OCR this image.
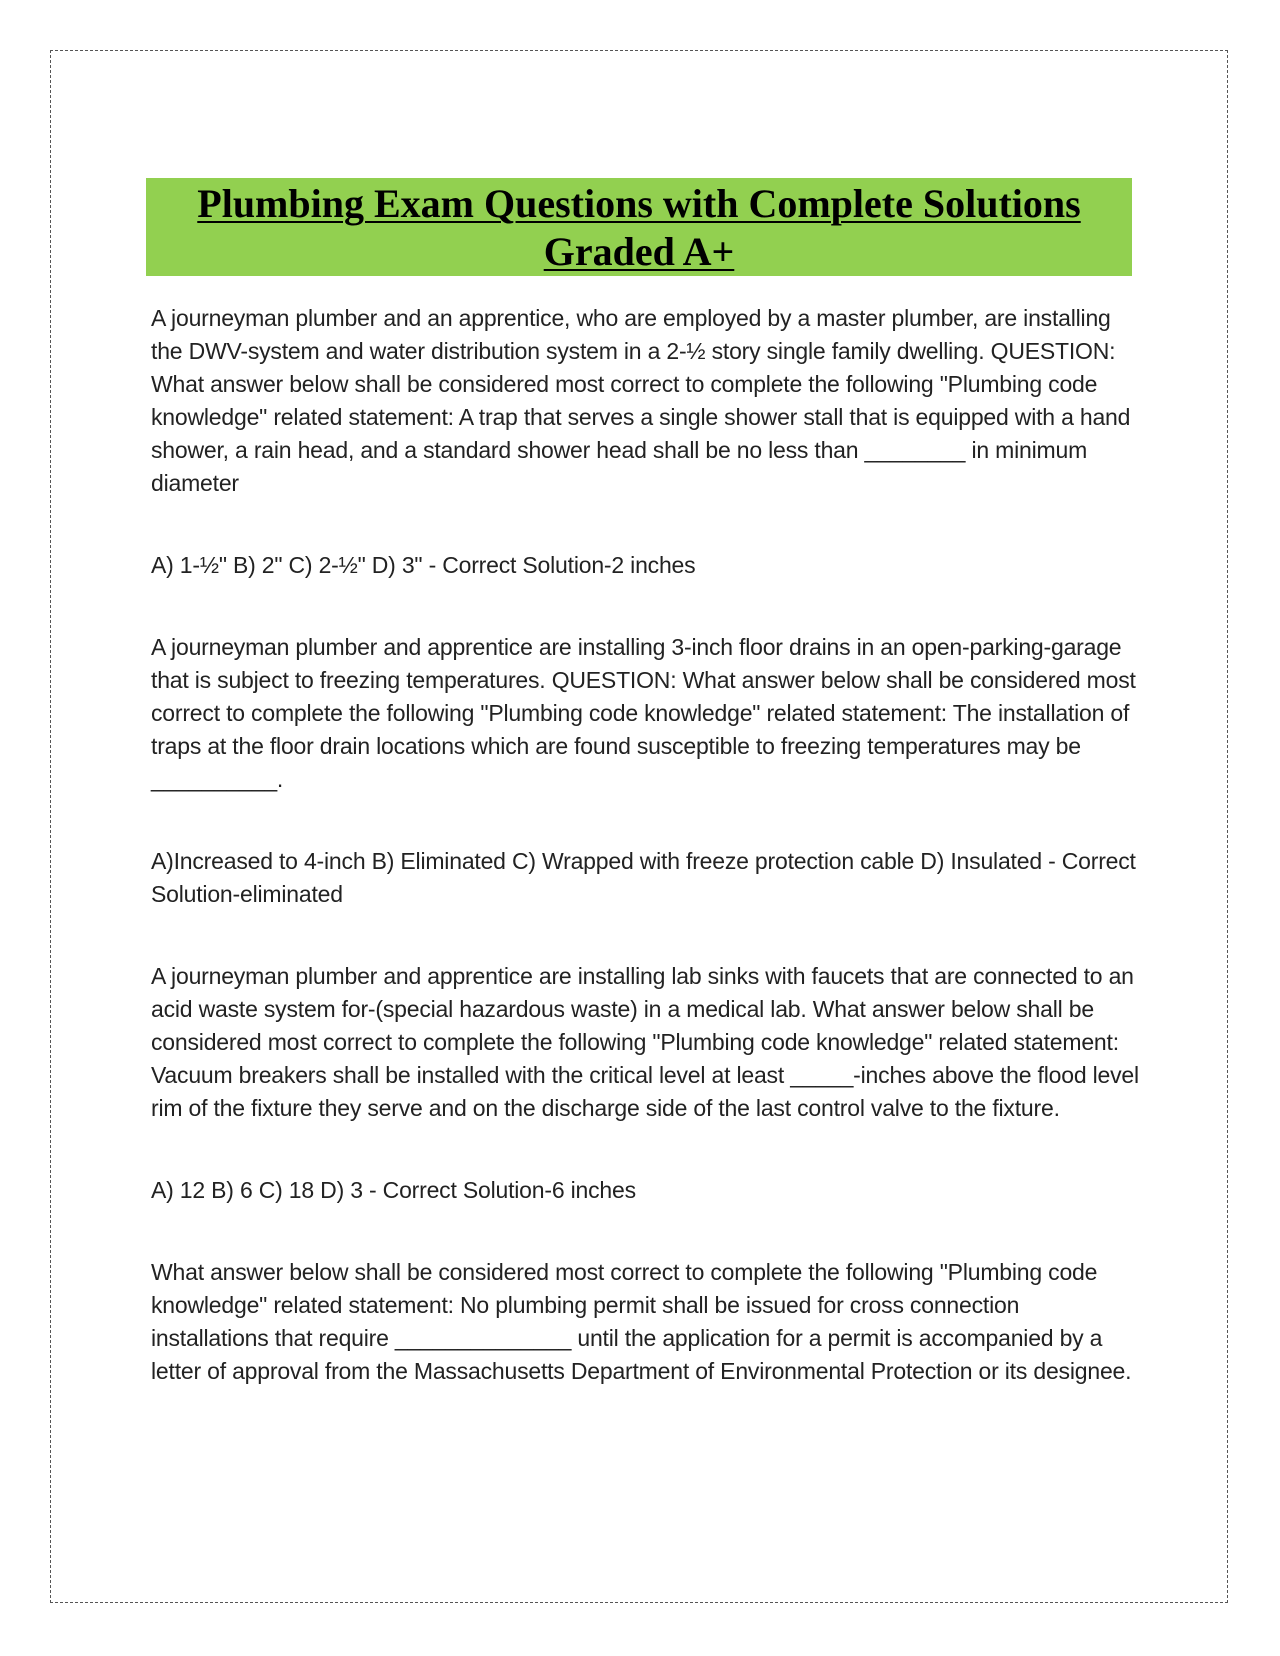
Plumbing Exam Questions with Complete Solutions
Graded A+

A journeyman plumber and an apprentice, who are employed by a master plumber, are installing the DWV-system and water distribution system in a 2-½ story single family dwelling. QUESTION: What answer below shall be considered most correct to complete the following "Plumbing code knowledge" related statement: A trap that serves a single shower stall that is equipped with a hand shower, a rain head, and a standard shower head shall be no less than ________ in minimum diameter

A) 1-½" B) 2" C) 2-½" D) 3" - Correct Solution-2 inches

A journeyman plumber and apprentice are installing 3-inch floor drains in an open-parking-garage that is subject to freezing temperatures. QUESTION: What answer below shall be considered most correct to complete the following "Plumbing code knowledge" related statement: The installation of traps at the floor drain locations which are found susceptible to freezing temperatures may be __________.

A)Increased to 4-inch B) Eliminated C) Wrapped with freeze protection cable D) Insulated - Correct Solution-eliminated

A journeyman plumber and apprentice are installing lab sinks with faucets that are connected to an acid waste system for-(special hazardous waste) in a medical lab. What answer below shall be considered most correct to complete the following "Plumbing code knowledge" related statement: Vacuum breakers shall be installed with the critical level at least _____-inches above the flood level rim of the fixture they serve and on the discharge side of the last control valve to the fixture.

A) 12 B) 6 C) 18 D) 3 - Correct Solution-6 inches

What answer below shall be considered most correct to complete the following "Plumbing code knowledge" related statement: No plumbing permit shall be issued for cross connection installations that require ______________ until the application for a permit is accompanied by a letter of approval from the Massachusetts Department of Environmental Protection or its designee.
